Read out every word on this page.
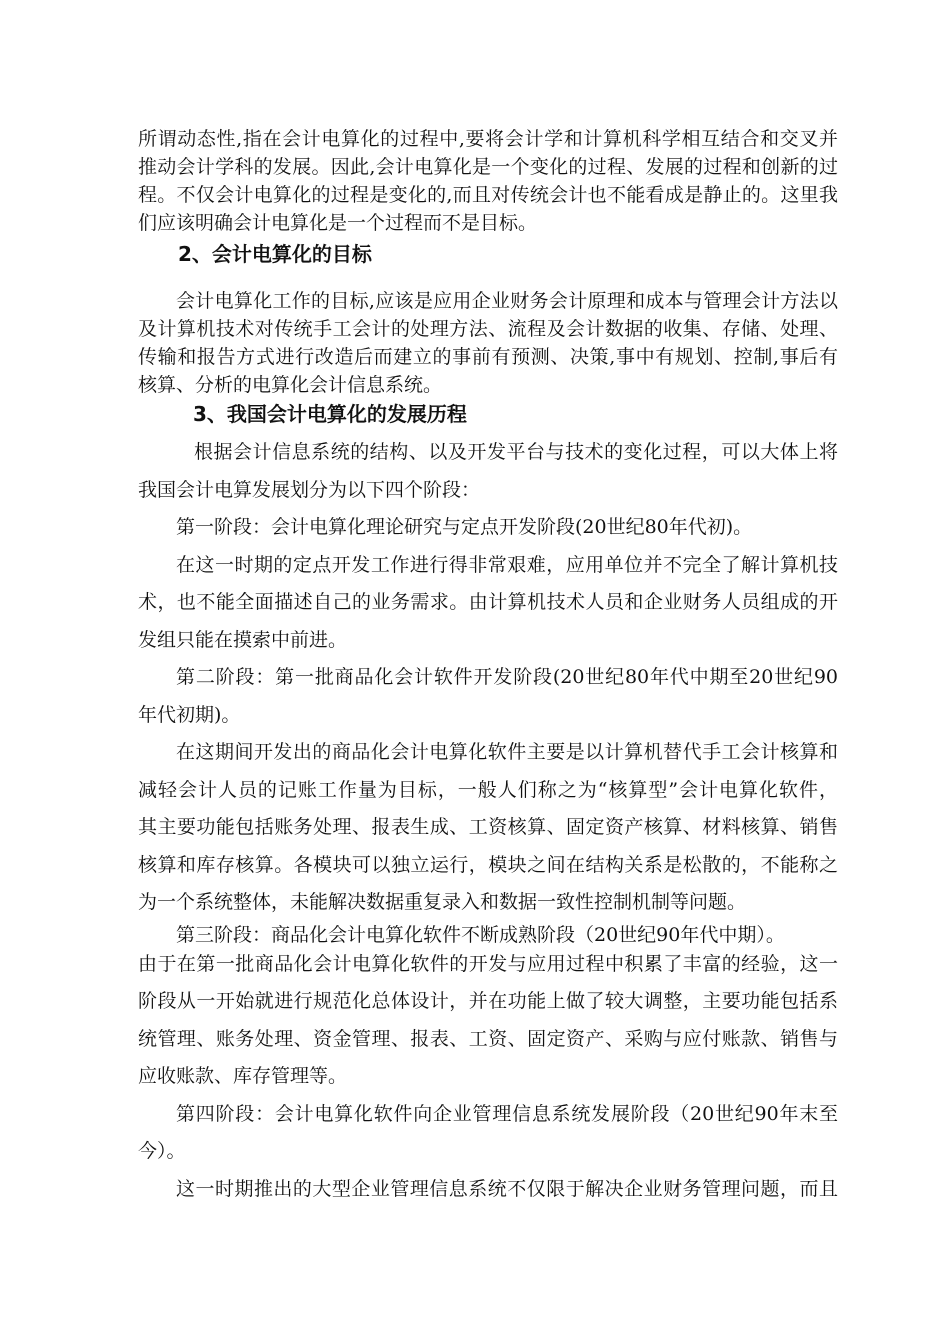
所谓动态性,指在会计电算化的过程中,要将会计学和计算机科学相互结合和交叉并
推动会计学科的发展。因此,会计电算化是一个变化的过程、发展的过程和创新的过
程。不仅会计电算化的过程是变化的,而且对传统会计也不能看成是静止的。这里我
们应该明确会计电算化是一个过程而不是目标。
2、会计电算化的目标
会计电算化工作的目标,应该是应用企业财务会计原理和成本与管理会计方法以
及计算机技术对传统手工会计的处理方法、流程及会计数据的收集、存储、处理、
传输和报告方式进行改造后而建立的事前有预测、决策,事中有规划、控制,事后有
核算、分析的电算化会计信息系统。
3、我国会计电算化的发展历程
根据会计信息系统的结构、以及开发平台与技术的变化过程，可以大体上将
我国会计电算发展划分为以下四个阶段：
第一阶段：会计电算化理论研究与定点开发阶段(20世纪80年代初)。
在这一时期的定点开发工作进行得非常艰难，应用单位并不完全了解计算机技
术，也不能全面描述自己的业务需求。由计算机技术人员和企业财务人员组成的开
发组只能在摸索中前进。
第二阶段：第一批商品化会计软件开发阶段(20世纪80年代中期至20世纪90
年代初期)。
在这期间开发出的商品化会计电算化软件主要是以计算机替代手工会计核算和
减轻会计人员的记账工作量为目标，一般人们称之为“核算型”会计电算化软件，
其主要功能包括账务处理、报表生成、工资核算、固定资产核算、材料核算、销售
核算和库存核算。各模块可以独立运行，模块之间在结构关系是松散的，不能称之
为一个系统整体，未能解决数据重复录入和数据一致性控制机制等问题。
第三阶段：商品化会计电算化软件不断成熟阶段（20世纪90年代中期）。
由于在第一批商品化会计电算化软件的开发与应用过程中积累了丰富的经验，这一
阶段从一开始就进行规范化总体设计，并在功能上做了较大调整，主要功能包括系
统管理、账务处理、资金管理、报表、工资、固定资产、采购与应付账款、销售与
应收账款、库存管理等。
第四阶段：会计电算化软件向企业管理信息系统发展阶段（20世纪90年末至
今）。
这一时期推出的大型企业管理信息系统不仅限于解决企业财务管理问题，而且
